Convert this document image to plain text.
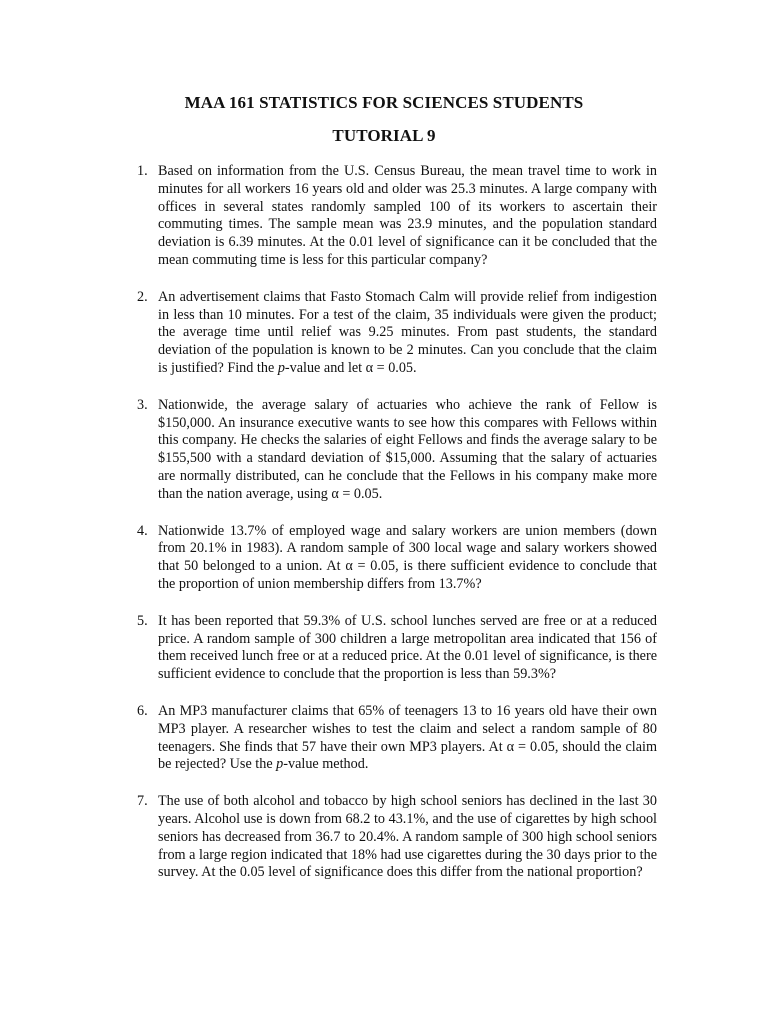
MAA 161 STATISTICS FOR SCIENCES STUDENTS
TUTORIAL 9
1. Based on information from the U.S. Census Bureau, the mean travel time to work in minutes for all workers 16 years old and older was 25.3 minutes. A large company with offices in several states randomly sampled 100 of its workers to ascertain their commuting times. The sample mean was 23.9 minutes, and the population standard deviation is 6.39 minutes. At the 0.01 level of significance can it be concluded that the mean commuting time is less for this particular company?
2. An advertisement claims that Fasto Stomach Calm will provide relief from indigestion in less than 10 minutes. For a test of the claim, 35 individuals were given the product; the average time until relief was 9.25 minutes. From past students, the standard deviation of the population is known to be 2 minutes. Can you conclude that the claim is justified? Find the p-value and let α = 0.05.
3. Nationwide, the average salary of actuaries who achieve the rank of Fellow is $150,000. An insurance executive wants to see how this compares with Fellows within this company. He checks the salaries of eight Fellows and finds the average salary to be $155,500 with a standard deviation of $15,000. Assuming that the salary of actuaries are normally distributed, can he conclude that the Fellows in his company make more than the nation average, using α = 0.05.
4. Nationwide 13.7% of employed wage and salary workers are union members (down from 20.1% in 1983). A random sample of 300 local wage and salary workers showed that 50 belonged to a union. At α = 0.05, is there sufficient evidence to conclude that the proportion of union membership differs from 13.7%?
5. It has been reported that 59.3% of U.S. school lunches served are free or at a reduced price. A random sample of 300 children a large metropolitan area indicated that 156 of them received lunch free or at a reduced price. At the 0.01 level of significance, is there sufficient evidence to conclude that the proportion is less than 59.3%?
6. An MP3 manufacturer claims that 65% of teenagers 13 to 16 years old have their own MP3 player. A researcher wishes to test the claim and select a random sample of 80 teenagers. She finds that 57 have their own MP3 players. At α = 0.05, should the claim be rejected? Use the p-value method.
7. The use of both alcohol and tobacco by high school seniors has declined in the last 30 years. Alcohol use is down from 68.2 to 43.1%, and the use of cigarettes by high school seniors has decreased from 36.7 to 20.4%. A random sample of 300 high school seniors from a large region indicated that 18% had use cigarettes during the 30 days prior to the survey. At the 0.05 level of significance does this differ from the national proportion?
